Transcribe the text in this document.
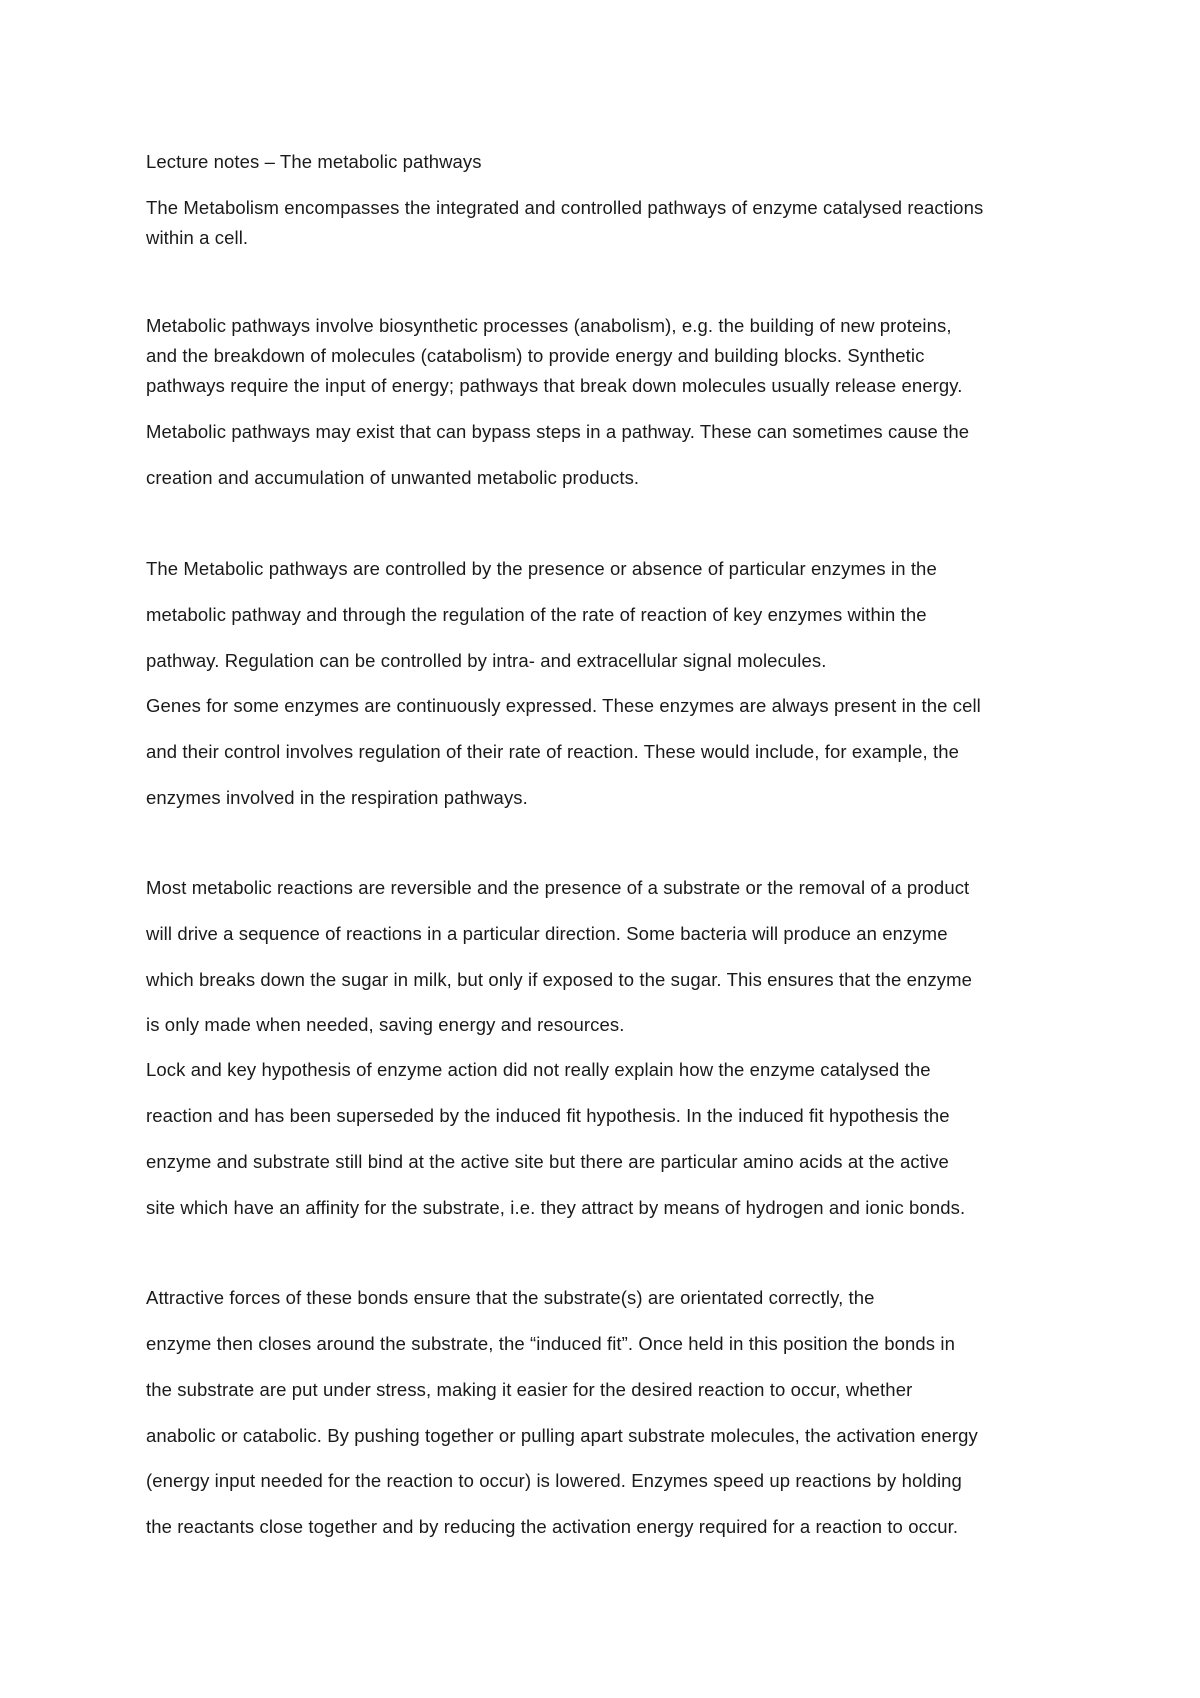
Lecture notes – The metabolic pathways
The Metabolism encompasses the integrated and controlled pathways of enzyme catalysed reactions
within a cell.
Metabolic pathways involve biosynthetic processes (anabolism), e.g. the building of new proteins,
and the breakdown of molecules (catabolism) to provide energy and building blocks. Synthetic
pathways require the input of energy; pathways that break down molecules usually release energy.
Metabolic pathways may exist that can bypass steps in a pathway. These can sometimes cause the
creation and accumulation of unwanted metabolic products.
The Metabolic pathways are controlled by the presence or absence of particular enzymes in the
metabolic pathway and through the regulation of the rate of reaction of key enzymes within the
pathway. Regulation can be controlled by intra- and extracellular signal molecules.
Genes for some enzymes are continuously expressed. These enzymes are always present in the cell
and their control involves regulation of their rate of reaction. These would include, for example, the
enzymes involved in the respiration pathways.
Most metabolic reactions are reversible and the presence of a substrate or the removal of a product
will drive a sequence of reactions in a particular direction. Some bacteria will produce an enzyme
which breaks down the sugar in milk, but only if exposed to the sugar. This ensures that the enzyme
is only made when needed, saving energy and resources.
Lock and key hypothesis of enzyme action did not really explain how the enzyme catalysed the
reaction and has been superseded by the induced fit hypothesis. In the induced fit hypothesis the
enzyme and substrate still bind at the active site but there are particular amino acids at the active
site which have an affinity for the substrate, i.e. they attract by means of hydrogen and ionic bonds.
Attractive forces of these bonds ensure that the substrate(s) are orientated correctly, the
enzyme then closes around the substrate, the “induced fit”. Once held in this position the bonds in
the substrate are put under stress, making it easier for the desired reaction to occur, whether
anabolic or catabolic. By pushing together or pulling apart substrate molecules, the activation energy
(energy input needed for the reaction to occur) is lowered. Enzymes speed up reactions by holding
the reactants close together and by reducing the activation energy required for a reaction to occur.
